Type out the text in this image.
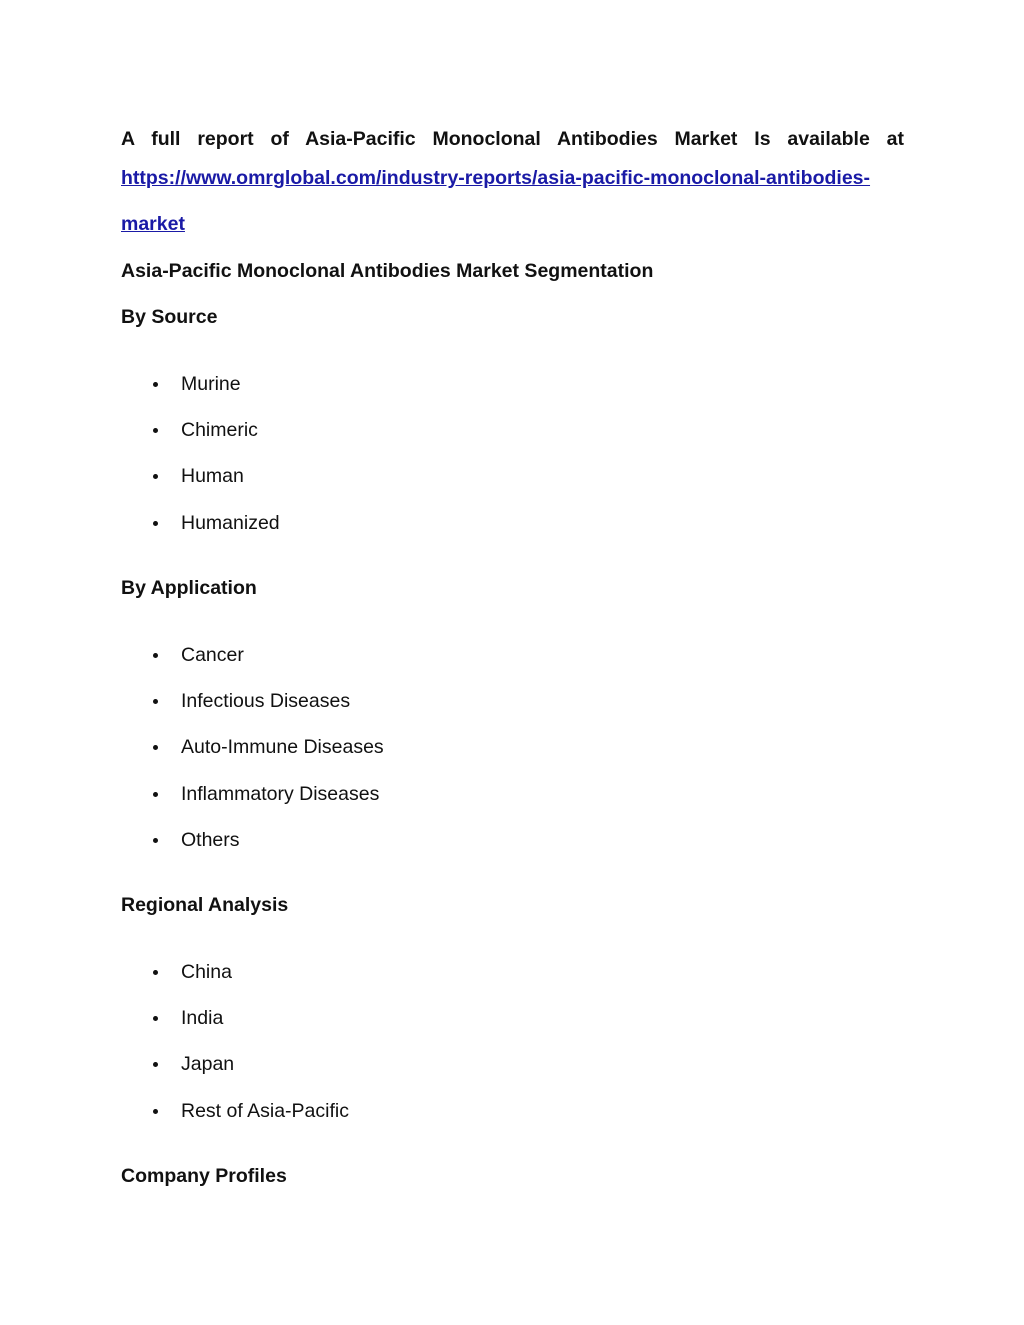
A full report of Asia-Pacific Monoclonal Antibodies Market Is available at

https://www.omrglobal.com/industry-reports/asia-pacific-monoclonal-antibodies-
market
Asia-Pacific Monoclonal Antibodies Market Segmentation
By Source
Murine
Chimeric
Human
Humanized
By Application
Cancer
Infectious Diseases
Auto-Immune Diseases
Inflammatory Diseases
Others
Regional Analysis
China
India
Japan
Rest of Asia-Pacific
Company Profiles
